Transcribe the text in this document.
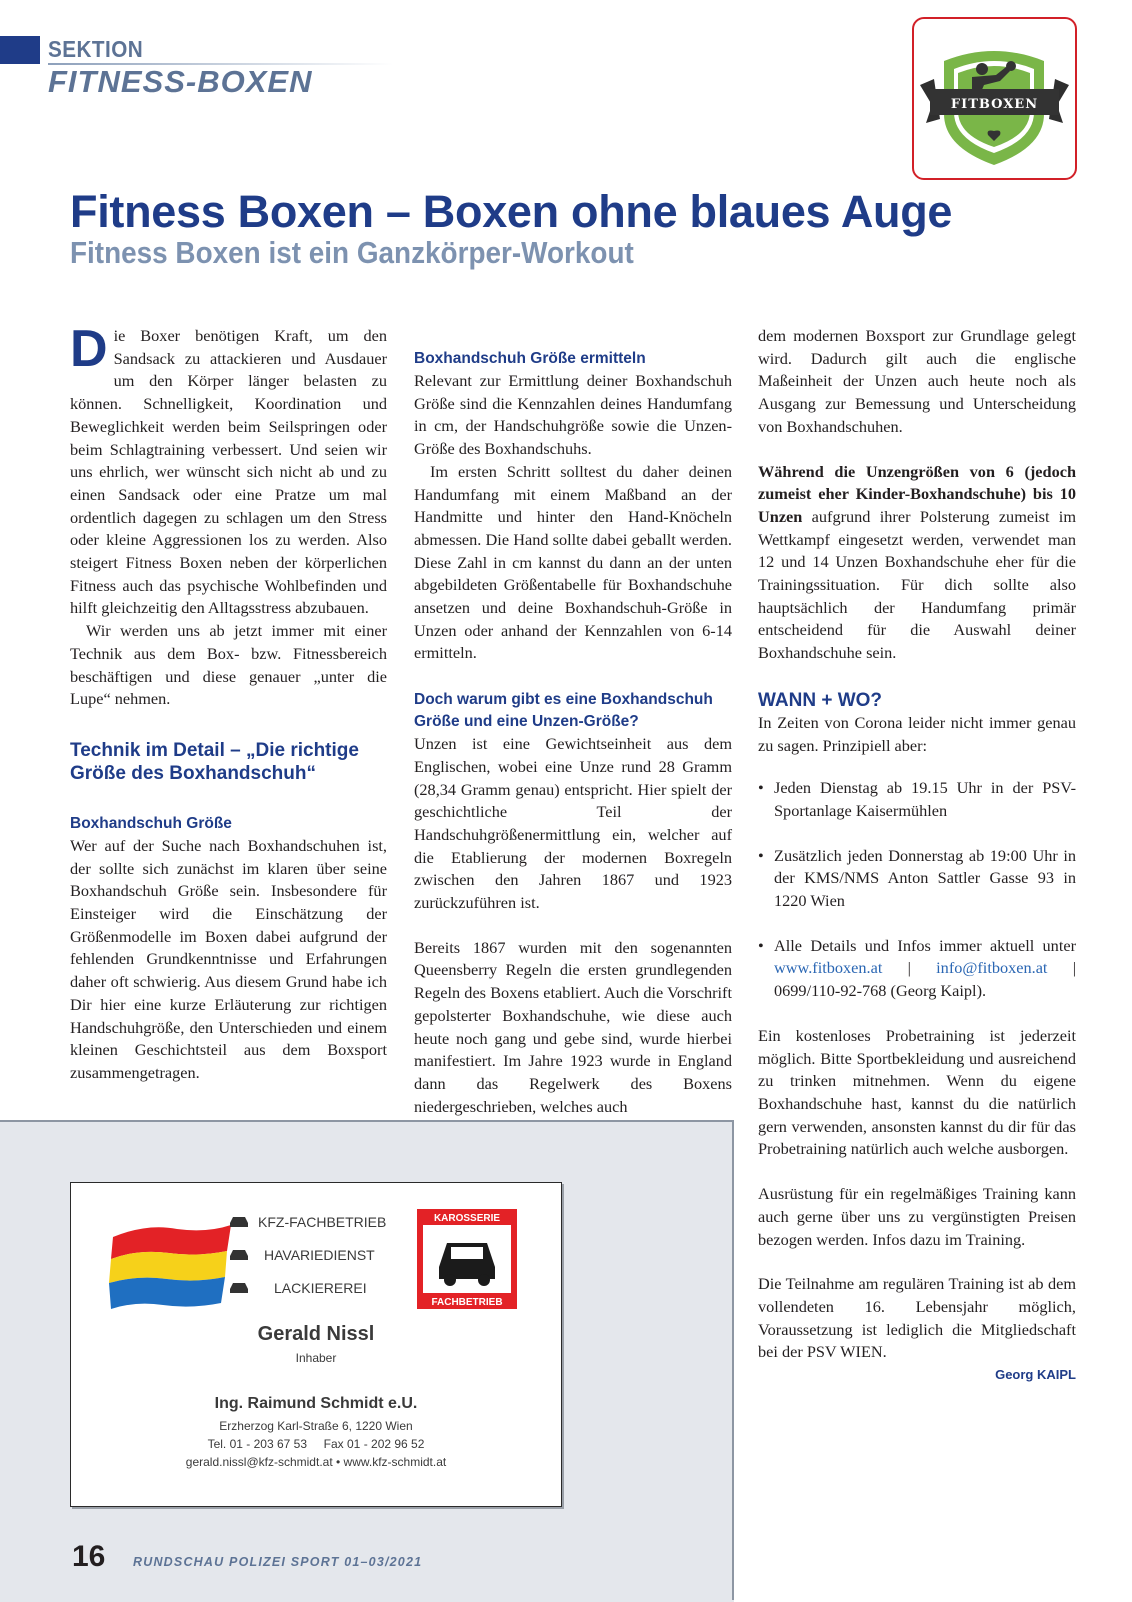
SEKTION
FITNESS-BOXEN
FITBOXEN
Fitness Boxen – Boxen ohne blaues Auge
Fitness Boxen ist ein Ganzkörper-Workout

Die Boxer benötigen Kraft, um den Sandsack zu attackieren und Ausdauer um den Körper länger belasten zu können. Schnelligkeit, Koordination und Beweglichkeit werden beim Seilspringen oder beim Schlagtraining verbessert. Und seien wir uns ehrlich, wer wünscht sich nicht ab und zu einen Sandsack oder eine Pratze um mal ordentlich dagegen zu schlagen um den Stress oder kleine Aggressionen los zu werden. Also steigert Fitness Boxen neben der körperlichen Fitness auch das psychische Wohlbefinden und hilft gleichzeitig den Alltagsstress abzubauen.

Wir werden uns ab jetzt immer mit einer Technik aus dem Box- bzw. Fitnessbereich beschäftigen und diese genauer „unter die Lupe“ nehmen.

Technik im Detail – „Die richtige Größe des Boxhandschuh“
Boxhandschuh Größe

Wer auf der Suche nach Boxhandschuhen ist, der sollte sich zunächst im klaren über seine Boxhandschuh Größe sein. Insbesondere für Einsteiger wird die Einschätzung der Größenmodelle im Boxen dabei aufgrund der fehlenden Grundkenntnisse und Erfahrungen daher oft schwierig. Aus diesem Grund habe ich Dir hier eine kurze Erläuterung zur richtigen Handschuhgröße, den Unterschieden und einem kleinen Geschichtsteil aus dem Boxsport zusammengetragen.

Boxhandschuh Größe ermitteln

Relevant zur Ermittlung deiner Boxhandschuh Größe sind die Kennzahlen deines Handumfang in cm, der Handschuhgröße sowie die Unzen-Größe des Boxhandschuhs.

Im ersten Schritt solltest du daher deinen Handumfang mit einem Maßband an der Handmitte und hinter den Hand-Knöcheln abmessen. Die Hand sollte dabei geballt werden. Diese Zahl in cm kannst du dann an der unten abgebildeten Größentabelle für Boxhandschuhe ansetzen und deine Boxhandschuh-Größe in Unzen oder anhand der Kennzahlen von 6-14 ermitteln.

Doch warum gibt es eine Boxhandschuh Größe und eine Unzen-Größe?

Unzen ist eine Gewichtseinheit aus dem Englischen, wobei eine Unze rund 28 Gramm (28,34 Gramm genau) entspricht. Hier spielt der geschichtliche Teil der Handschuhgrößenermittlung ein, welcher auf die Etablierung der modernen Boxregeln zwischen den Jahren 1867 und 1923 zurückzuführen ist.

Bereits 1867 wurden mit den sogenannten Queensberry Regeln die ersten grundlegenden Regeln des Boxens etabliert. Auch die Vorschrift gepolsterter Boxhandschuhe, wie diese auch heute noch gang und gebe sind, wurde hierbei manifestiert. Im Jahre 1923 wurde in England dann das Regelwerk des Boxens niedergeschrieben, welches auch

dem modernen Boxsport zur Grundlage gelegt wird. Dadurch gilt auch die englische Maßeinheit der Unzen auch heute noch als Ausgang zur Bemessung und Unterscheidung von Boxhandschuhen.

Während die Unzengrößen von 6 (jedoch zumeist eher Kinder-Boxhandschuhe) bis 10 Unzen aufgrund ihrer Polsterung zumeist im Wettkampf eingesetzt werden, verwendet man 12 und 14 Unzen Boxhandschuhe eher für die Trainingssituation. Für dich sollte also hauptsächlich der Handumfang primär entscheidend für die Auswahl deiner Boxhandschuhe sein.

WANN + WO?

In Zeiten von Corona leider nicht immer genau zu sagen. Prinzipiell aber:

• Jeden Dienstag ab 19.15 Uhr in der PSV-Sportanlage Kaisermühlen
• Zusätzlich jeden Donnerstag ab 19:00 Uhr in der KMS/NMS Anton Sattler Gasse 93 in 1220 Wien
• Alle Details und Infos immer aktuell unter www.fitboxen.at | info@fitboxen.at | 0699/110-92-768 (Georg Kaipl).

Ein kostenloses Probetraining ist jederzeit möglich. Bitte Sportbekleidung und ausreichend zu trinken mitnehmen. Wenn du eigene Boxhandschuhe hast, kannst du die natürlich gern verwenden, ansonsten kannst du dir für das Probetraining natürlich auch welche ausborgen.

Ausrüstung für ein regelmäßiges Training kann auch gerne über uns zu vergünstigten Preisen bezogen werden. Infos dazu im Training.

Die Teilnahme am regulären Training ist ab dem vollendeten 16. Lebensjahr möglich, Voraussetzung ist lediglich die Mitgliedschaft bei der PSV WIEN.

Georg KAIPL
KFZ-FACHBETRIEB
HAVARIEDIENST
LACKIEREREI
KAROSSERIE
FACHBETRIEB
Gerald Nissl
Inhaber
Ing. Raimund Schmidt e.U.
Erzherzog Karl-Straße 6, 1220 Wien
Tel. 01 - 203 67 53     Fax 01 - 202 96 52
gerald.nissl@kfz-schmidt.at • www.kfz-schmidt.at
16 RUNDSCHAU POLIZEI SPORT 01–03/2021
